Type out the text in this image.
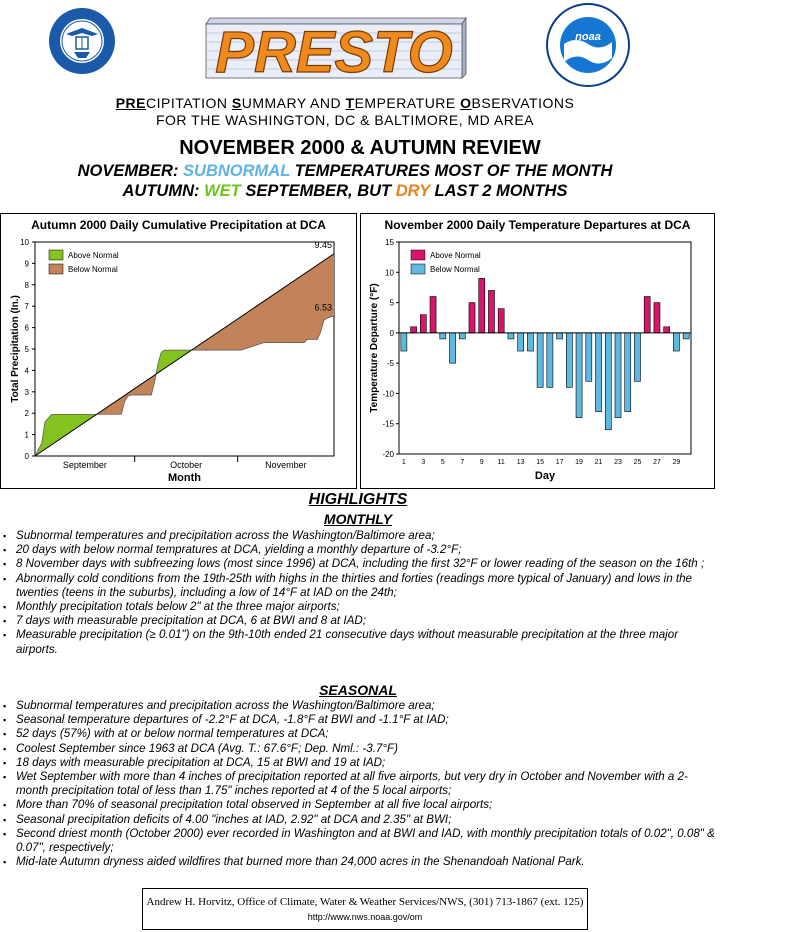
noaa
PRESTO
PRECIPITATION SUMMARY AND TEMPERATURE OBSERVATIONS
FOR THE WASHINGTON, DC & BALTIMORE, MD AREA
NOVEMBER 2000 & AUTUMN REVIEW
NOVEMBER: SUBNORMAL TEMPERATURES MOST OF THE MONTH
AUTUMN: WET SEPTEMBER, BUT DRY LAST 2 MONTHS
Autumn 2000 Daily Cumulative Precipitation at DCA
0
1
2
3
4
5
6
7
8
9
10
September	October	November
Month
Total Precipitation (In.)
9.45
6.53
Above Normal
Below Normal
November 2000 Daily Temperature Departures at DCA
15
10
5
0
-5
-10
-15
-20
1 3 5 7 9 11 13 15 17 19 21 23 25 27 29
Day
Temperature Departure (°F)
Above Normal
Below Normal
HIGHLIGHTS
MONTHLY
▪ Subnormal temperatures and precipitation across the Washington/Baltimore area;
▪ 20 days with below normal tempratures at DCA, yielding a monthly departure of -3.2°F;
▪ 8 November days with subfreezing lows (most since 1996) at DCA, including the first 32°F or lower reading of the season on the 16th ;
▪ Abnormally cold conditions from the 19th-25th with highs in the thirties and forties (readings more typical of January) and lows in the twenties (teens in the suburbs), including a low of 14°F at IAD on the 24th;
▪ Monthly precipitation totals below 2" at the three major airports;
▪ 7 days with measurable precipitation at DCA, 6 at BWI and 8 at IAD;
▪ Measurable precipitation (≥ 0.01") on the 9th-10th ended 21 consecutive days without measurable precipitation at the three major airports.
SEASONAL
▪ Subnormal temperatures and precipitation across the Washington/Baltimore area;
▪ Seasonal temperature departures of -2.2°F at DCA, -1.8°F at BWI and -1.1°F at IAD;
▪ 52 days (57%) with at or below normal temperatures at DCA;
▪ Coolest September since 1963 at DCA (Avg. T.: 67.6°F; Dep. Nml.: -3.7°F)
▪ 18 days with measurable precipitation at DCA, 15 at BWI and 19 at IAD;
▪ Wet September with more than 4 inches of precipitation reported at all five airports, but very dry in October and November with a 2-month precipitation total of less than 1.75" inches reported at 4 of the 5 local airports;
▪ More than 70% of seasonal precipitation total observed in September at all five local airports;
▪ Seasonal precipitation deficits of 4.00 "inches at IAD, 2.92" at DCA and 2.35" at BWI;
▪ Second driest month (October 2000) ever recorded in Washington and at BWI and IAD, with monthly precipitation totals of 0.02", 0.08" & 0.07", respectively;
▪ Mid-late Autumn dryness aided wildfires that burned more than 24,000 acres in the Shenandoah National Park.
Andrew H. Horvitz, Office of Climate, Water & Weather Services/NWS, (301) 713-1867 (ext. 125)
http://www.nws.noaa.gov/om
